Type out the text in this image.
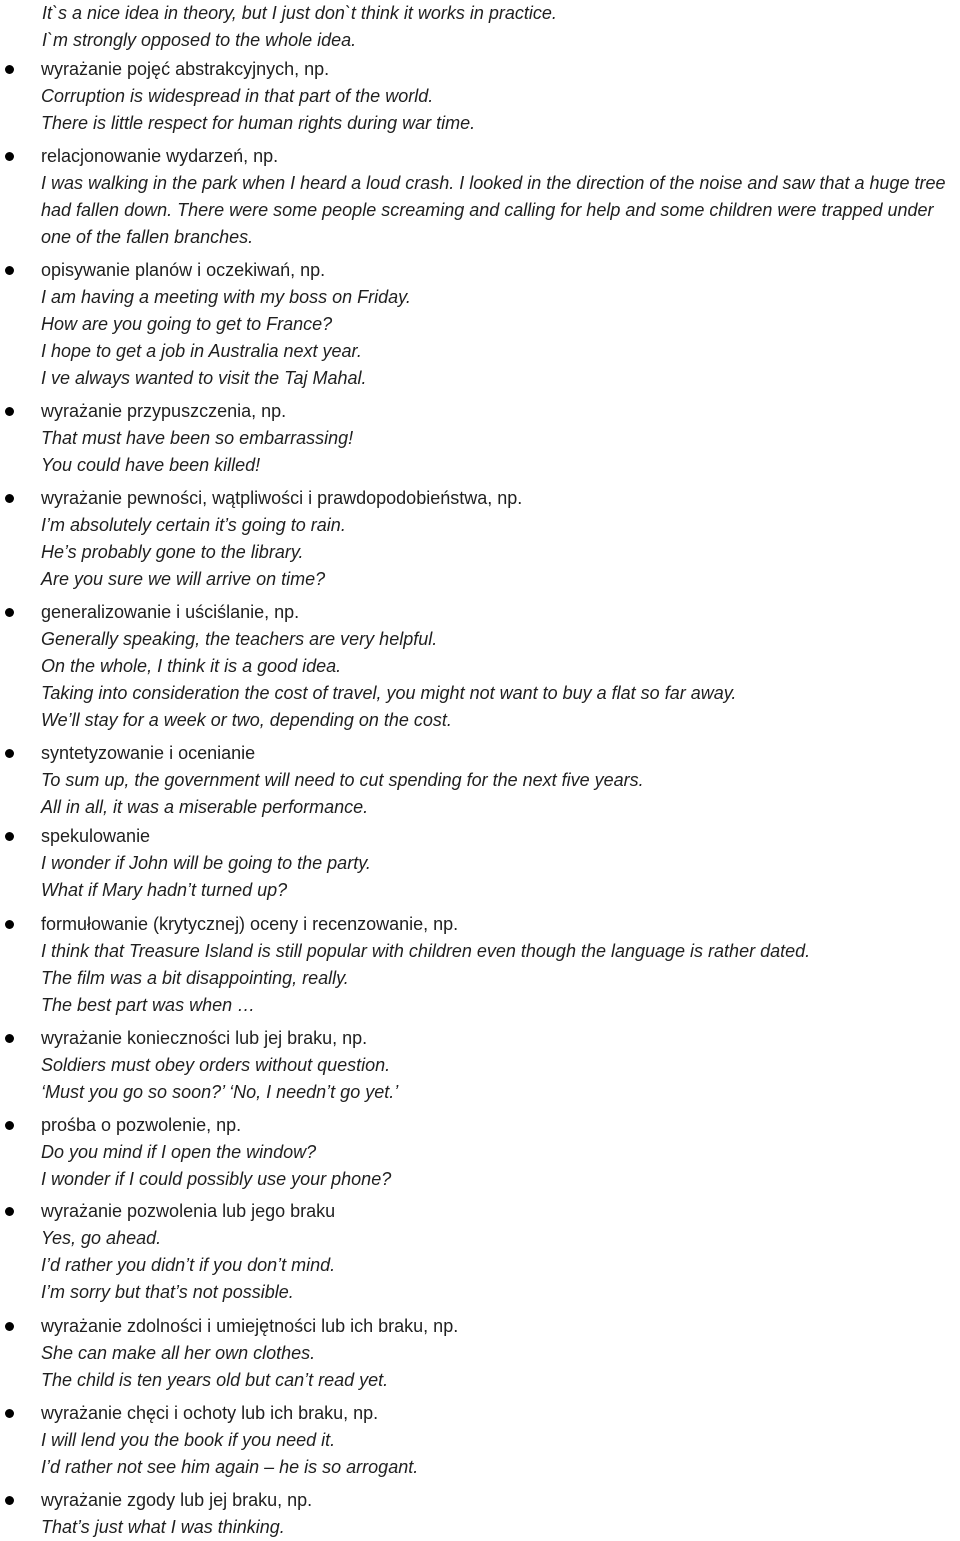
It`s a nice idea in theory, but I just don`t think it works in practice.
I`m strongly opposed to the whole idea.
wyrażanie pojęć abstrakcyjnych, np.
Corruption is widespread in that part of the world.
There is little respect for human rights during war time.
relacjonowanie wydarzeń, np.
I was walking in the park when I heard a loud crash. I looked in the direction of the noise and saw that a huge tree had fallen down. There were some people screaming and calling for help and some children were trapped under one of the fallen branches.
opisywanie planów i oczekiwań, np.
I am having a meeting with my boss on Friday.
How are you going to get to France?
I hope to get a job in Australia next year.
I ve always wanted to visit the Taj Mahal.
wyrażanie przypuszczenia, np.
That must have been so embarrassing!
You could have been killed!
wyrażanie pewności, wątpliwości i prawdopodobieństwa, np.
I’m absolutely certain it’s going to rain.
He’s probably gone to the library.
Are you sure we will arrive on time?
generalizowanie i uściślanie, np.
Generally speaking, the teachers are very helpful.
On the whole, I think it is a good idea.
Taking into consideration the cost of travel, you might not want to buy a flat so far away.
We’ll stay for a week or two, depending on the cost.
syntetyzowanie i ocenianie
To sum up, the government will need to cut spending for the next five years.
All in all, it was a miserable performance.
spekulowanie
I wonder if John will be going to the party.
What if Mary hadn’t turned up?
formułowanie (krytycznej) oceny i recenzowanie, np.
I think that Treasure Island is still popular with children even though the language is rather dated.
The film was a bit disappointing, really.
The best part was when …
wyrażanie konieczności lub jej braku, np.
Soldiers must obey orders without question.
‘Must you go so soon?’ ‘No, I needn’t go yet.’
prośba o pozwolenie, np.
Do you mind if I open the window?
I wonder if I could possibly use your phone?
wyrażanie pozwolenia lub jego braku
Yes, go ahead.
I’d rather you didn’t if you don’t mind.
I’m sorry but that’s not possible.
wyrażanie zdolności i umiejętności lub ich braku, np.
She can make all her own clothes.
The child is ten years old but can’t read yet.
wyrażanie chęci i ochoty lub ich braku, np.
I will lend you the book if you need it.
I’d rather not see him again – he is so arrogant.
wyrażanie zgody lub jej braku, np.
That’s just what I was thinking.
